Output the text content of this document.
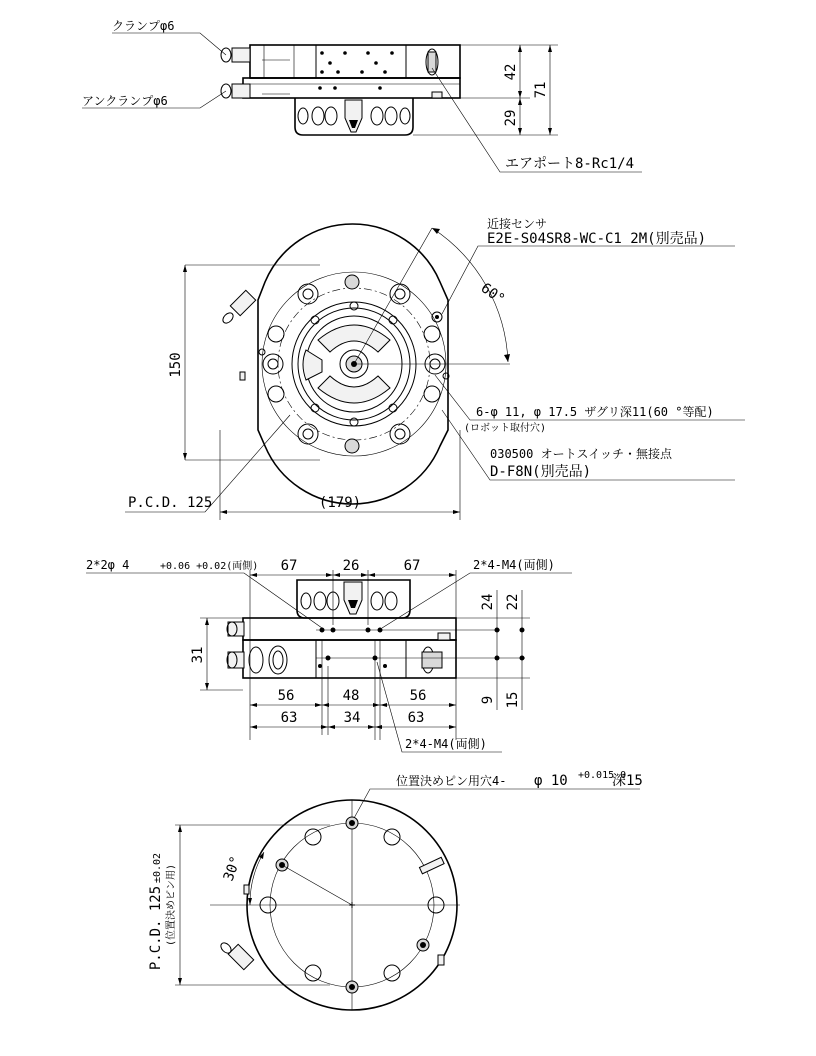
42
71
29
クランプφ6
アンクランプφ6
エアポート8-Rc1/4
150
60°
近接センサ
E2E-S04SR8-WC-C1 2M(別売品)
6-φ 11, φ 17.5 ザグリ深11(60 °等配)
(ロボット取付穴)
030500 オートスイッチ・無接点
D-F8N(別売品)
P.C.D. 125	(179)
67	26	67
2*2φ 4	+0.06 +0.02(両側)	2*4-M4(両側)
24 22
9 15
31
56	48	56
63	34	63
2*4-M4(両側)
位置決めピン用穴4- φ 10 +0.015 0
深15
P.C.D. 125
±0.02 (位置決めピン用)	30°
